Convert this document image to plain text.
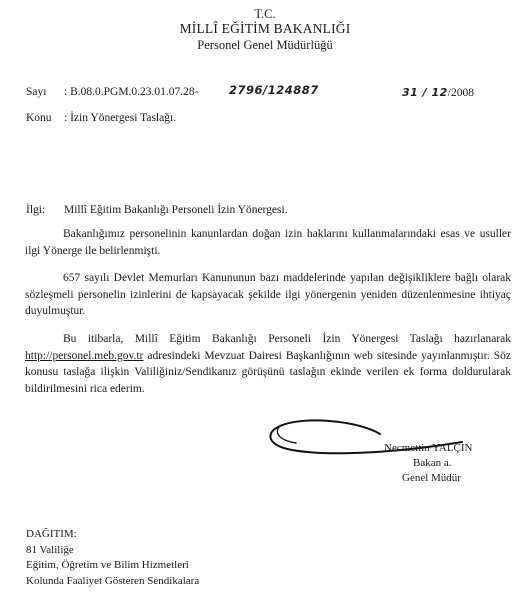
T.C.
MİLLÎ EĞİTİM BAKANLIĞI
Personel Genel Müdürlüğü
Sayı : B.08.0.PGM.0.23.01.07.28-	2796/124887	31 / 12/2008
Konu : İzin Yönergesi Taslağı.
İlgi: Millî Eğitim Bakanlığı Personeli İzin Yönergesi.

Bakanlığımız personelinin kanunlardan doğan izin haklarını kullanmalarındaki esas ve usuller ilgi Yönerge ile belirlenmişti.

657 sayılı Devlet Memurları Kanununun bazı maddelerinde yapılan değişikliklere bağlı olarak sözleşmeli personelin izinlerini de kapsayacak şekilde ilgi yönergenin yeniden düzenlenmesine ihtiyaç duyulmuştur.

Bu itibarla, Millî Eğitim Bakanlığı Personeli İzin Yönergesi Taslağı hazırlanarak http://personel.meb.gov.tr adresindeki Mevzuat Dairesi Başkanlığının web sitesinde yayınlanmıştır. Söz konusu taslağa ilişkin Valiliğiniz/Sendikanız görüşünü taslağın ekinde verilen ek forma doldurularak bildirilmesini rica ederim.

Necmettin YALÇIN
Bakan a.
Genel Müdür
DAĞITIM:
81 Valiliğe
Eğitim, Öğretim ve Bilim Hizmetleri
Kolunda Faaliyet Gösteren Sendikalara
